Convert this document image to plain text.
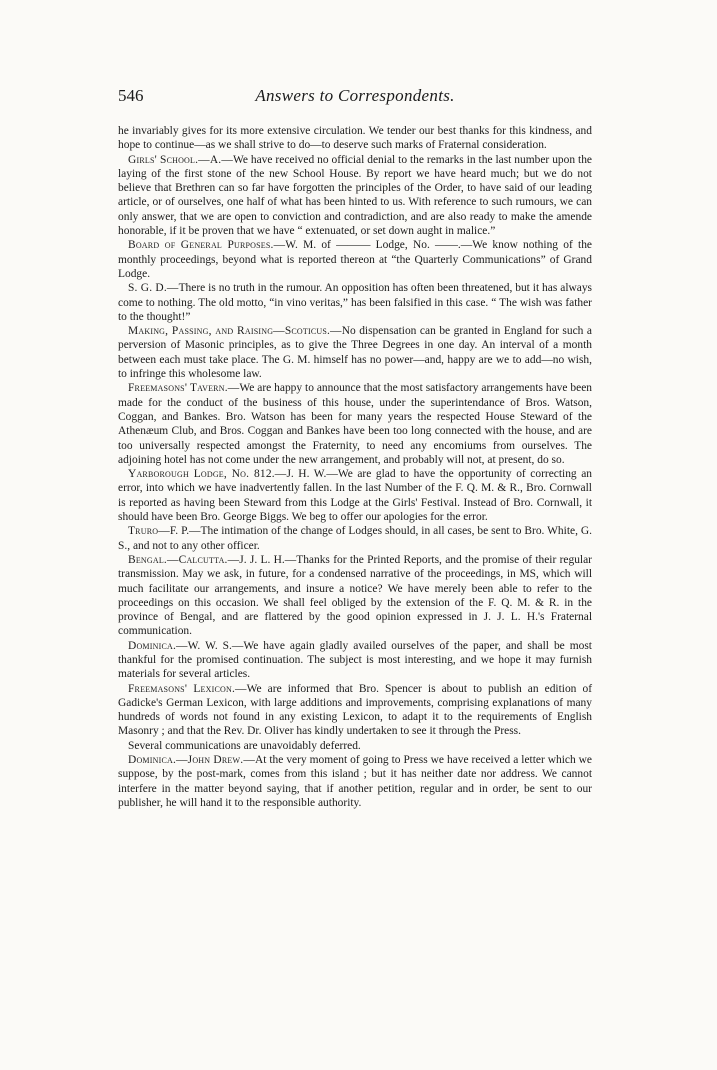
546	Answers to Correspondents.

he invariably gives for its more extensive circulation. We tender our best thanks for this kindness, and hope to continue—as we shall strive to do—to deserve such marks of Fraternal consideration.

Girls' School.—A.—We have received no official denial to the remarks in the last number upon the laying of the first stone of the new School House. By report we have heard much; but we do not believe that Brethren can so far have forgotten the principles of the Order, to have said of our leading article, or of ourselves, one half of what has been hinted to us. With reference to such rumours, we can only answer, that we are open to conviction and contradiction, and are also ready to make the amende honorable, if it be proven that we have “ extenuated, or set down aught in malice.”

Board of General Purposes.—W. M. of ——— Lodge, No. ——.—We know nothing of the monthly proceedings, beyond what is reported thereon at “the Quarterly Communications” of Grand Lodge.

S. G. D.—There is no truth in the rumour. An opposition has often been threatened, but it has always come to nothing. The old motto, “in vino veritas,” has been falsified in this case. “ The wish was father to the thought!”

Making, Passing, and Raising—Scoticus.—No dispensation can be granted in England for such a perversion of Masonic principles, as to give the Three Degrees in one day. An interval of a month between each must take place. The G. M. himself has no power—and, happy are we to add—no wish, to infringe this wholesome law.

Freemasons' Tavern.—We are happy to announce that the most satisfactory arrangements have been made for the conduct of the business of this house, under the superintendance of Bros. Watson, Coggan, and Bankes. Bro. Watson has been for many years the respected House Steward of the Athenæum Club, and Bros. Coggan and Bankes have been too long connected with the house, and are too universally respected amongst the Fraternity, to need any encomiums from ourselves. The adjoining hotel has not come under the new arrangement, and probably will not, at present, do so.

Yarborough Lodge, No. 812.—J. H. W.—We are glad to have the opportunity of correcting an error, into which we have inadvertently fallen. In the last Number of the F. Q. M. & R., Bro. Cornwall is reported as having been Steward from this Lodge at the Girls' Festival. Instead of Bro. Cornwall, it should have been Bro. George Biggs. We beg to offer our apologies for the error.

Truro—F. P.—The intimation of the change of Lodges should, in all cases, be sent to Bro. White, G. S., and not to any other officer.

Bengal.—Calcutta.—J. J. L. H.—Thanks for the Printed Reports, and the promise of their regular transmission. May we ask, in future, for a condensed narrative of the proceedings, in MS, which will much facilitate our arrangements, and insure a notice? We have merely been able to refer to the proceedings on this occasion. We shall feel obliged by the extension of the F. Q. M. & R. in the province of Bengal, and are flattered by the good opinion expressed in J. J. L. H.'s Fraternal communication.

Dominica.—W. W. S.—We have again gladly availed ourselves of the paper, and shall be most thankful for the promised continuation. The subject is most interesting, and we hope it may furnish materials for several articles.

Freemasons' Lexicon.—We are informed that Bro. Spencer is about to publish an edition of Gadicke's German Lexicon, with large additions and improvements, comprising explanations of many hundreds of words not found in any existing Lexicon, to adapt it to the requirements of English Masonry ; and that the Rev. Dr. Oliver has kindly undertaken to see it through the Press.

Several communications are unavoidably deferred.

Dominica.—John Drew.—At the very moment of going to Press we have received a letter which we suppose, by the post-mark, comes from this island ; but it has neither date nor address. We cannot interfere in the matter beyond saying, that if another petition, regular and in order, be sent to our publisher, he will hand it to the responsible authority.
